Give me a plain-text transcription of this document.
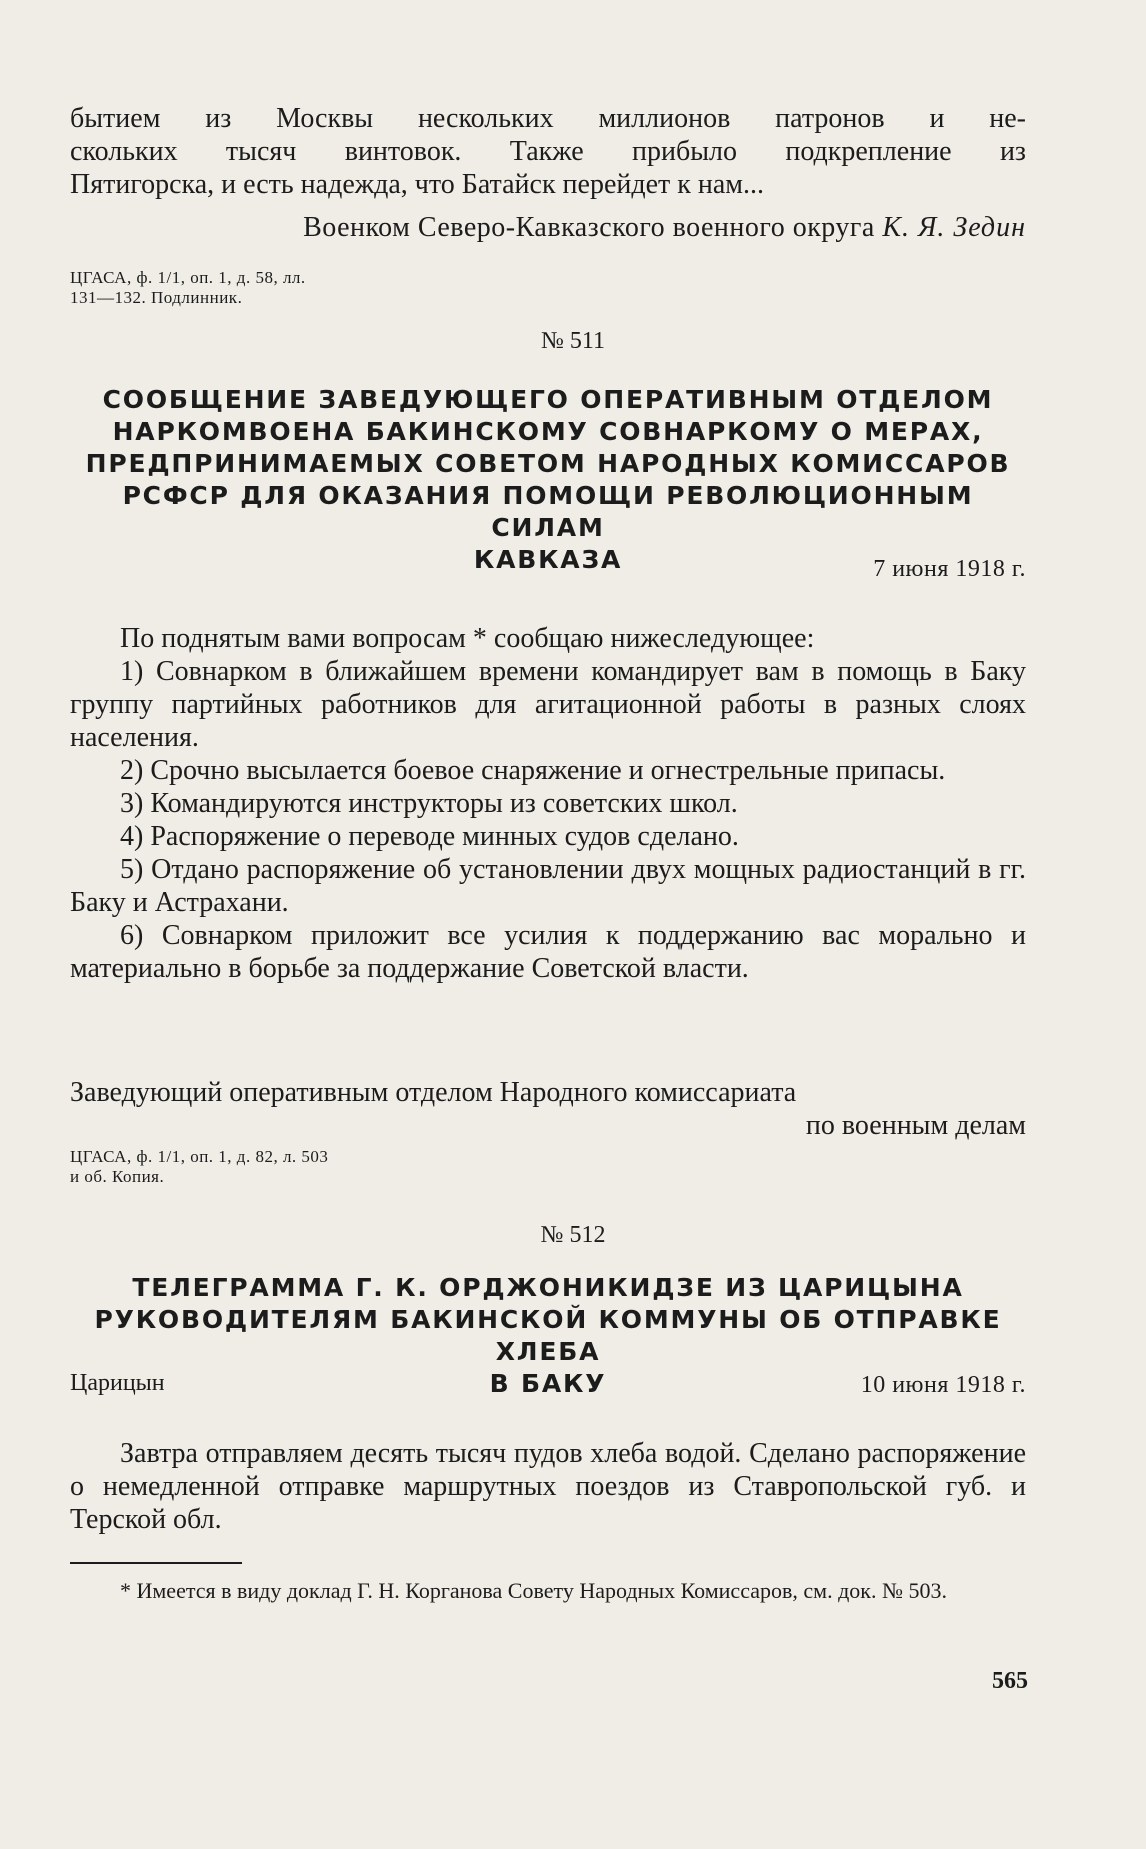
бытием из Москвы нескольких миллионов патронов и не-

скольких тысяч винтовок. Также прибыло подкрепление из

Пятигорска, и есть надежда, что Батайск перейдет к нам...

Военком Северо-Кавказского военного округа К. Я. Зедин
ЦГАСА, ф. 1/1, оп. 1, д. 58, лл.
131—132. Подлинник.
№ 511
СООБЩЕНИЕ ЗАВЕДУЮЩЕГО ОПЕРАТИВНЫМ ОТДЕЛОМ
НАРКОМВОЕНА БАКИНСКОМУ СОВНАРКОМУ О МЕРАХ,
ПРЕДПРИНИМАЕМЫХ СОВЕТОМ НАРОДНЫХ КОМИССАРОВ
РСФСР ДЛЯ ОКАЗАНИЯ ПОМОЩИ РЕВОЛЮЦИОННЫМ СИЛАМ
КАВКАЗА	7 июня 1918 г.

По поднятым вами вопросам * сообщаю нижеследующее:

1) Совнарком в ближайшем времени командирует вам в помощь в Баку группу партийных работников для агитационной работы в разных слоях населения.

2) Срочно высылается боевое снаряжение и огнестрельные припасы.

3) Командируются инструкторы из советских школ.

4) Распоряжение о переводе минных судов сделано.

5) Отдано распоряжение об установлении двух мощных радиостанций в гг. Баку и Астрахани.

6) Совнарком приложит все усилия к поддержанию вас морально и материально в борьбе за поддержание Советской власти.

Заведующий оперативным отделом Народного комиссариата

по военным делам

ЦГАСА, ф. 1/1, оп. 1, д. 82, л. 503
и об. Копия.
№ 512
ТЕЛЕГРАММА Г. К. ОРДЖОНИКИДЗЕ ИЗ ЦАРИЦЫНА
РУКОВОДИТЕЛЯМ БАКИНСКОЙ КОММУНЫ ОБ ОТПРАВКЕ ХЛЕБА
В БАКУ
Царицын	10 июня 1918 г.

Завтра отправляем десять тысяч пудов хлеба водой. Сделано распоряжение о немедленной отправке маршрутных поездов из Ставропольской губ. и Терской обл.

* Имеется в виду доклад Г. Н. Корганова Совету Народных Комиссаров, см. док. № 503.

565
